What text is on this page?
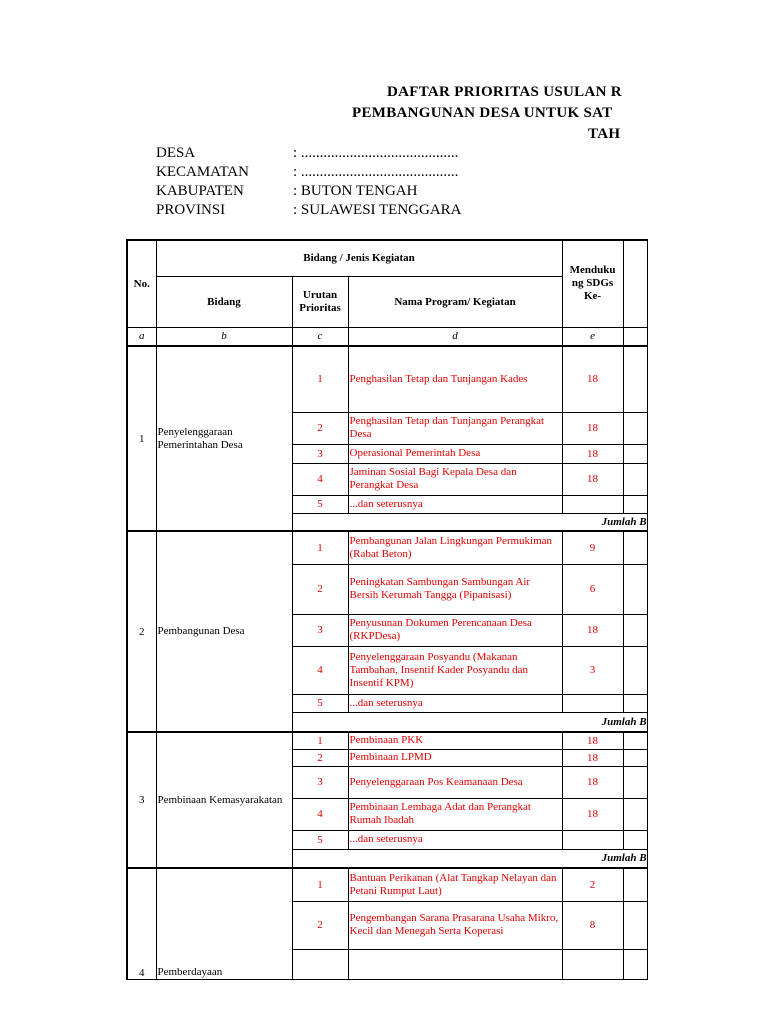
DAFTAR PRIORITAS USULAN R
PEMBANGUNAN DESA UNTUK SAT
TAH
DESA	: ..........................................
KECAMATAN	: ..........................................
KABUPATEN	: BUTON TENGAH
PROVINSI	: SULAWESI TENGGARA
No.	Bidang / Jenis Kegiatan			Menduku ng SDGs Ke-	
	Bidang	Urutan Prioritas	Nama Program/ Kegiatan		
a	b	c	d	e	
1	Penyelenggaraan Pemerintahan Desa	1	Penghasilan Tetap dan Tunjangan Kades	18	
		2	Penghasilan Tetap dan Tunjangan Perangkat Desa	18	
		3	Operasional Pemerintah Desa	18	
		4	Jaminan Sosial Bagi Kepala Desa dan Perangkat Desa	18	
		5	...dan seterusnya		
		Jumlah B			
2	Pembangunan Desa	1	Pembangunan Jalan Lingkungan Permukiman (Rabat Beton)	9	
		2	Peningkatan Sambungan Sambungan Air Bersih Kerumah Tangga (Pipanisasi)	6	
		3	Penyusunan Dokumen Perencanaan Desa (RKPDesa)	18	
		4	Penyelenggaraan Posyandu (Makanan Tambahan, Insentif Kader Posyandu dan Insentif KPM)	3	
		5	...dan seterusnya		
		Jumlah B			
3	Pembinaan Kemasyarakatan	1	Pembinaan PKK	18	
		2	Pembinaan LPMD	18	
		3	Penyelenggaraan Pos Keamanaan Desa	18	
		4	Pembinaan Lembaga Adat dan Perangkat Rumah Ibadah	18	
		5	...dan seterusnya		
		Jumlah B			
4	Pemberdayaan	1	Bantuan Perikanan (Alat Tangkap Nelayan dan Petani Rumput Laut)	2	
		2	Pengembangan Sarana Prasarana Usaha Mikro, Kecil dan Menegah Serta Koperasi	8	
